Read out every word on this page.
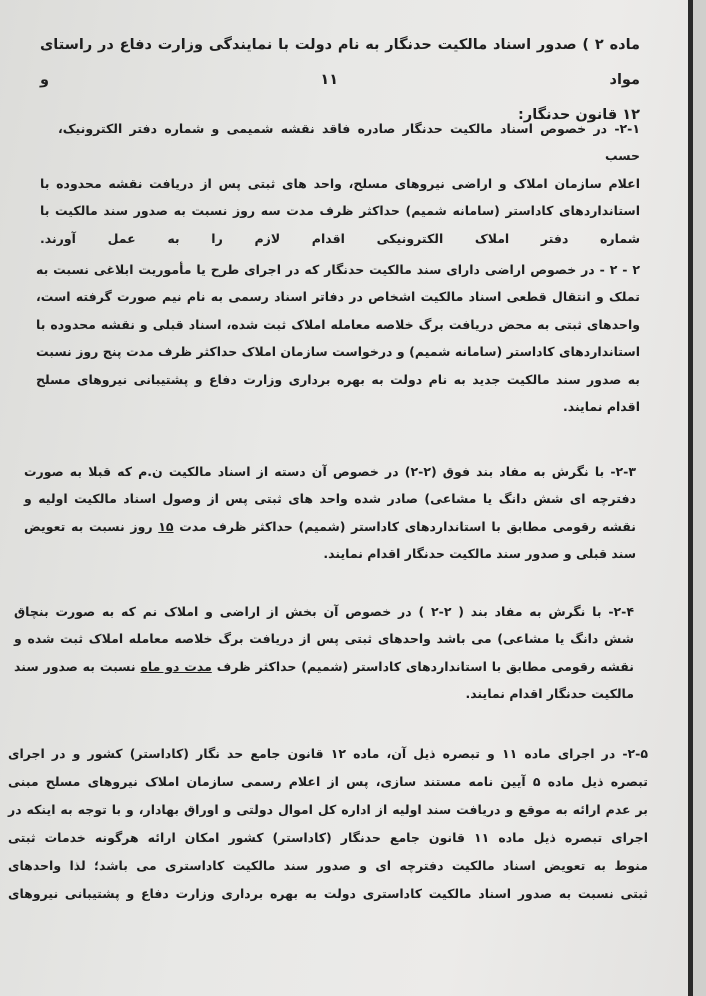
ماده ۲ ) صدور اسناد مالکیت حدنگار به نام دولت با نمایندگی وزارت دفاع در راستای مواد ۱۱ و
۱۲ قانون حدنگار:
۲-۱- در خصوص اسناد مالکیت حدنگار صادره فاقد نقشه شمیمی و شماره دفتر الکترونیک، حسب
اعلام سازمان املاک و اراضی نیروهای مسلح، واحد های ثبتی پس از دریافت نقشه محدوده با
استانداردهای کاداستر (سامانه شمیم) حداکثر ظرف مدت سه روز نسبت به صدور سند مالکیت با
شماره دفتر املاک الکترونیکی اقدام لازم را به عمل آورند.
۲ - ۲ - در خصوص اراضی دارای سند مالکیت حدنگار که در اجرای طرح یا مأموریت ابلاغی نسبت به
تملک و انتقال قطعی اسناد مالکیت اشخاص در دفاتر اسناد رسمی به نام نیم صورت گرفته است،
واحدهای ثبتی به محض دریافت برگ خلاصه معامله املاک ثبت شده، اسناد قبلی و نقشه محدوده با
استانداردهای کاداستر (سامانه شمیم) و درخواست سازمان املاک حداکثر ظرف مدت پنج روز نسبت
به صدور سند مالکیت جدید به نام دولت به بهره برداری وزارت دفاع و پشتیبانی نیروهای مسلح
اقدام نمایند.
۲-۳- با نگرش به مفاد بند فوق (۲-۲) در خصوص آن دسته از اسناد مالکیت ن.م که قبلا به صورت
دفترچه ای شش دانگ یا مشاعی) صادر شده واحد های ثبتی پس از وصول اسناد مالکیت اولیه و
نقشه رقومی مطابق با استانداردهای کاداستر (شمیم) حداکثر ظرف مدت ۱۵ روز نسبت به تعویض
سند قبلی و صدور سند مالکیت حدنگار اقدام نمایند.
۲-۴- با نگرش به مفاد بند ( ۲-۲ ) در خصوص آن بخش از اراضی و املاک نم که به صورت بنچاق
شش دانگ یا مشاعی) می باشد واحدهای ثبتی پس از دریافت برگ خلاصه معامله املاک ثبت شده و
نقشه رقومی مطابق با استانداردهای کاداستر (شمیم) حداکثر ظرف مدت دو ماه نسبت به صدور سند
مالکیت حدنگار اقدام نمایند.
۲-۵- در اجرای ماده ۱۱ و تبصره ذیل آن، ماده ۱۲ قانون جامع حد نگار (کاداستر) کشور و در اجرای
تبصره ذیل ماده ۵ آیین نامه مستند سازی، پس از اعلام رسمی سازمان املاک نیروهای مسلح مبنی
بر عدم ارائه به موقع و دریافت سند اولیه از اداره کل اموال دولتی و اوراق بهادار، و با توجه به اینکه در
اجرای تبصره ذیل ماده ۱۱ قانون جامع حدنگار (کاداستر) کشور امکان ارائه هرگونه خدمات ثبتی
منوط به تعویض اسناد مالکیت دفترچه ای و صدور سند مالکیت کاداستری می باشد؛ لذا واحدهای
ثبتی نسبت به صدور اسناد مالکیت کاداستری دولت به بهره برداری وزارت دفاع و پشتیبانی نیروهای
